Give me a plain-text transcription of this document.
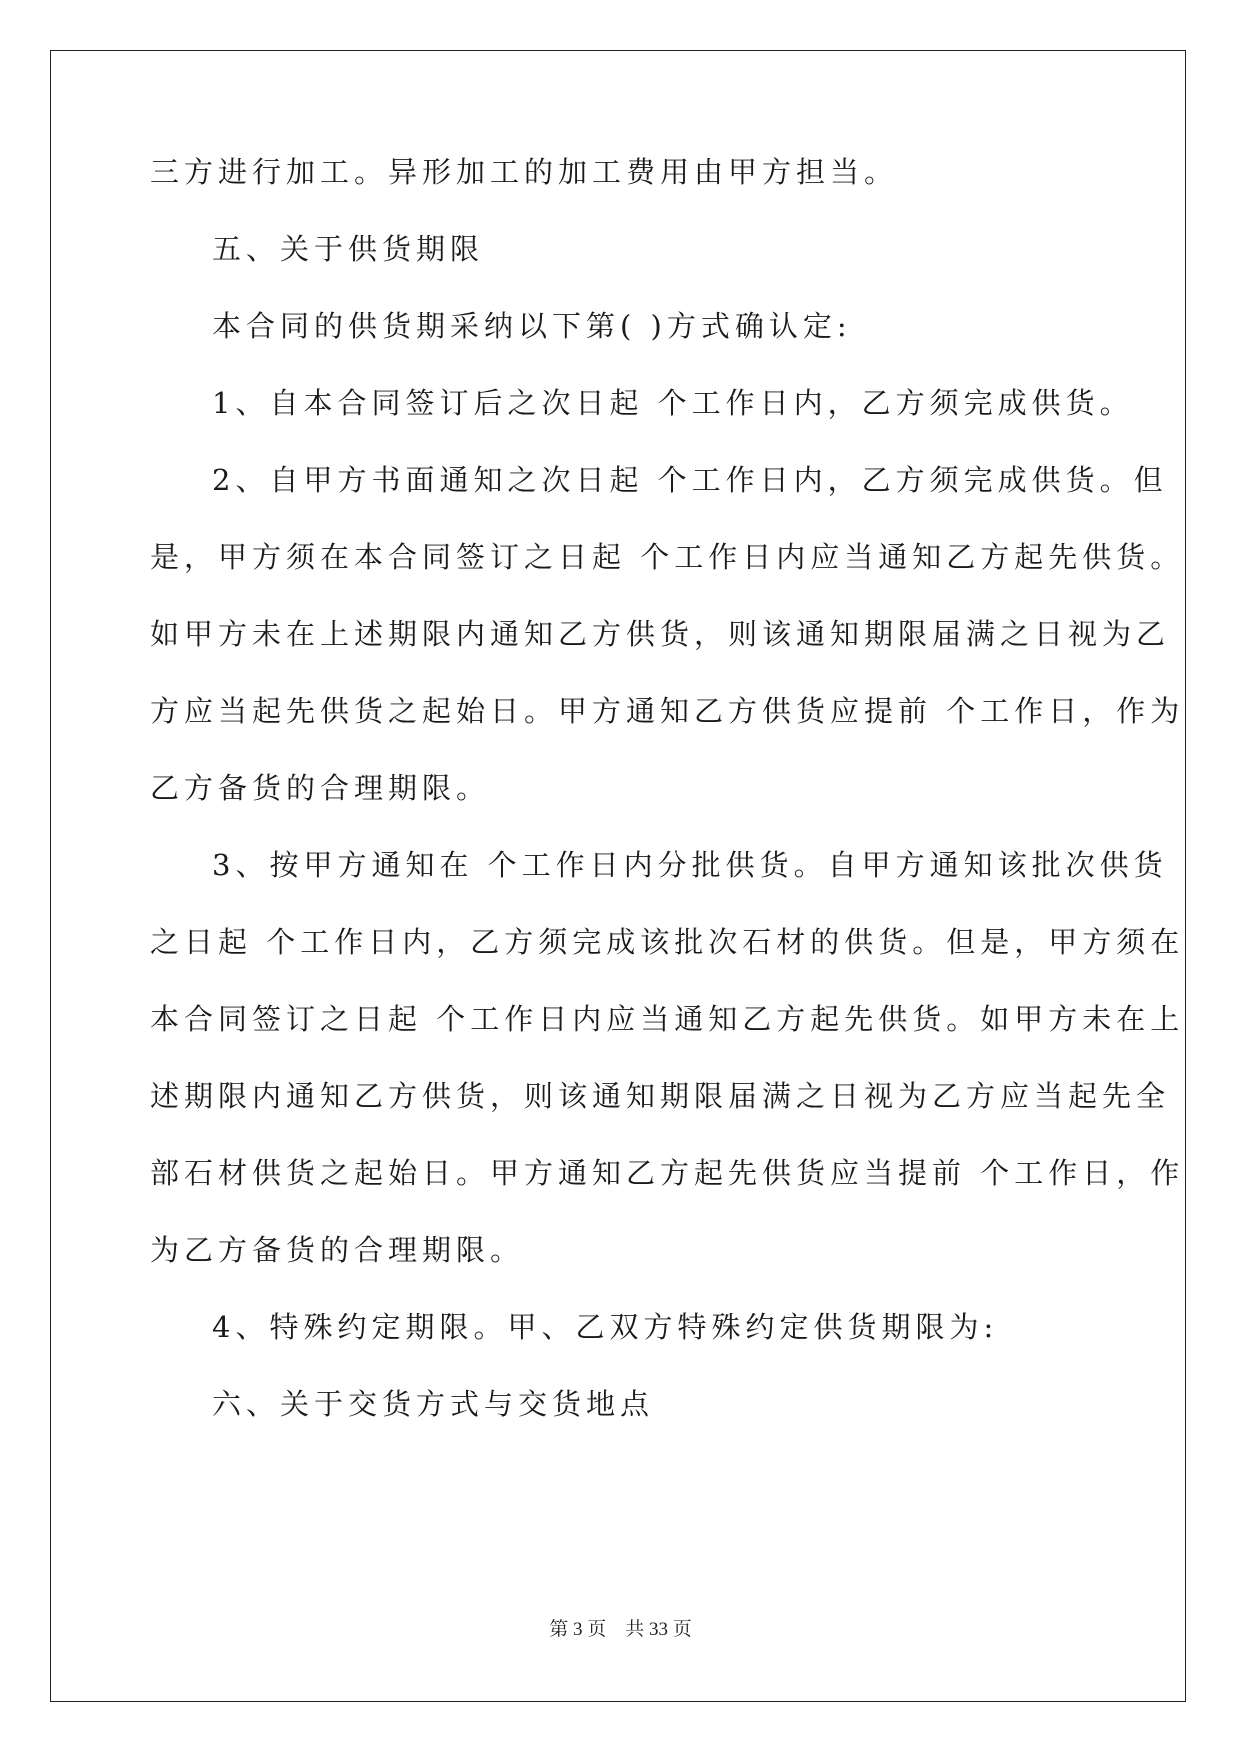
三方进行加工。异形加工的加工费用由甲方担当。
五、关于供货期限
本合同的供货期采纳以下第( )方式确认定:
1、自本合同签订后之次日起 个工作日内，乙方须完成供货。
2、自甲方书面通知之次日起 个工作日内，乙方须完成供货。但
是，甲方须在本合同签订之日起 个工作日内应当通知乙方起先供货。
如甲方未在上述期限内通知乙方供货，则该通知期限届满之日视为乙
方应当起先供货之起始日。甲方通知乙方供货应提前 个工作日，作为
乙方备货的合理期限。
3、按甲方通知在 个工作日内分批供货。自甲方通知该批次供货
之日起 个工作日内，乙方须完成该批次石材的供货。但是，甲方须在
本合同签订之日起 个工作日内应当通知乙方起先供货。如甲方未在上
述期限内通知乙方供货，则该通知期限届满之日视为乙方应当起先全
部石材供货之起始日。甲方通知乙方起先供货应当提前 个工作日，作
为乙方备货的合理期限。
4、特殊约定期限。甲、乙双方特殊约定供货期限为:
六、关于交货方式与交货地点
第 3 页　共 33 页
